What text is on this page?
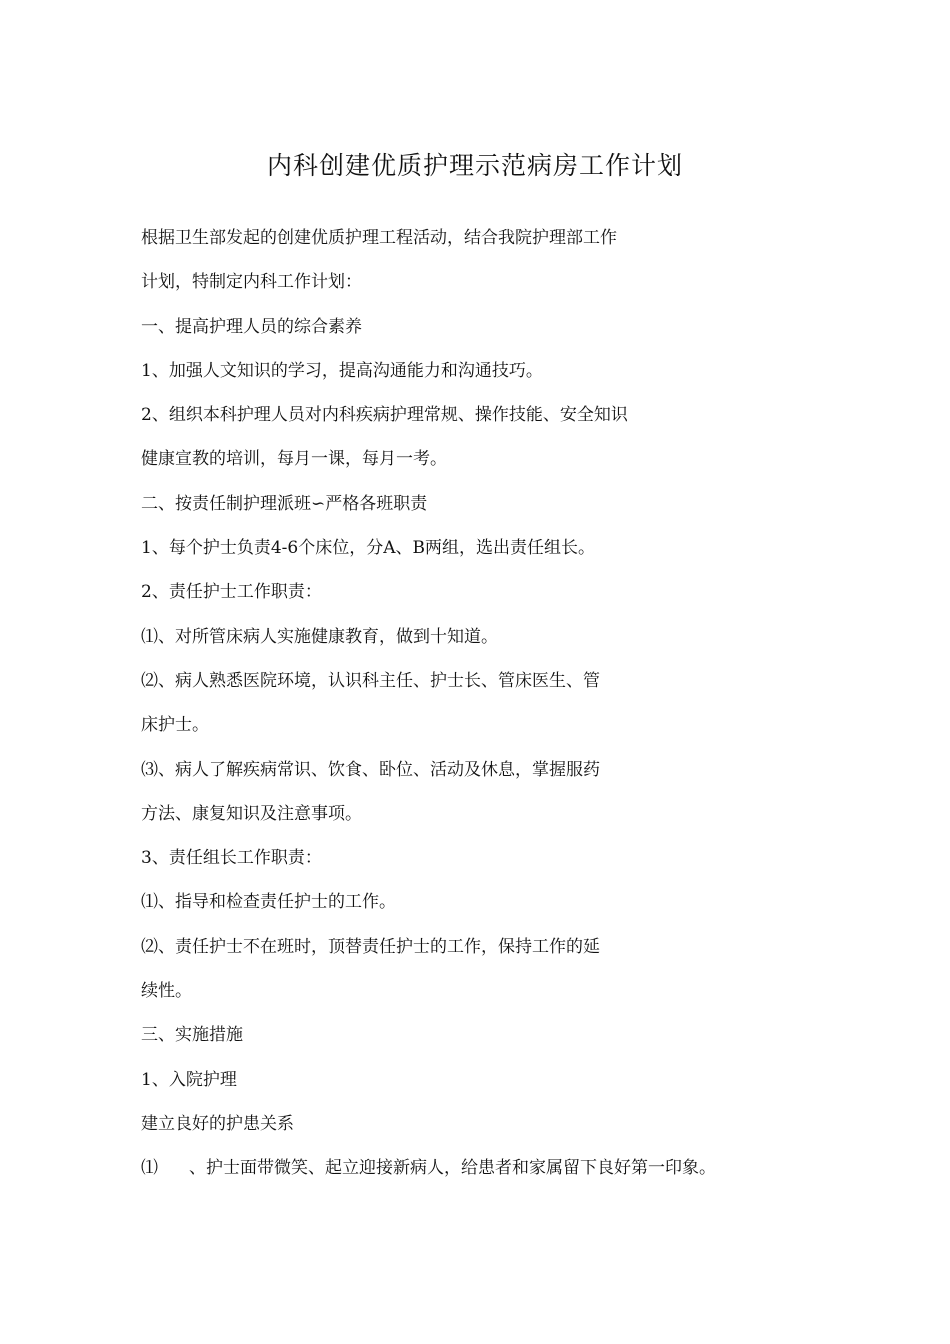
内科创建优质护理示范病房工作计划
根据卫生部发起的创建优质护理工程活动，结合我院护理部工作
计划，特制定内科工作计划：
一、提高护理人员的综合素养
1、加强人文知识的学习，提高沟通能力和沟通技巧。
2、组织本科护理人员对内科疾病护理常规、操作技能、安全知识
健康宣教的培训，每月一课，每月一考。
二、按责任制护理派班∽严格各班职责
1、每个护士负责4-6个床位，分A、B两组，选出责任组长。
2、责任护士工作职责：
⑴、对所管床病人实施健康教育，做到十知道。
⑵、病人熟悉医院环境，认识科主任、护士长、管床医生、管
床护士。
⑶、病人了解疾病常识、饮食、卧位、活动及休息，掌握服药
方法、康复知识及注意事项。
3、责任组长工作职责：
⑴、指导和检查责任护士的工作。
⑵、责任护士不在班时，顶替责任护士的工作，保持工作的延
续性。
三、实施措施
1、入院护理
建立良好的护患关系
⑴ 、护士面带微笑、起立迎接新病人，给患者和家属留下良好第一印象。
